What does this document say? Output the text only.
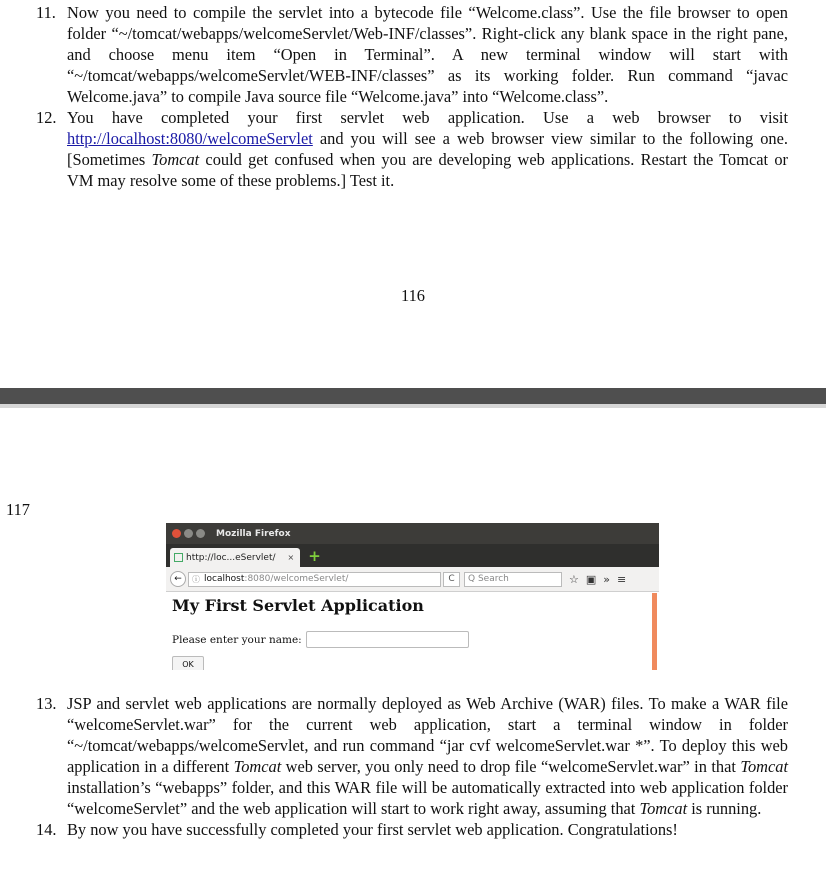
11. Now you need to compile the servlet into a bytecode file “Welcome.class”. Use the file browser to open folder “~/tomcat/webapps/welcomeServlet/Web-INF/classes”. Right-click any blank space in the right pane, and choose menu item “Open in Terminal”. A new terminal window will start with “~/tomcat/webapps/welcomeServlet/WEB-INF/classes” as its working folder. Run command “javac Welcome.java” to compile Java source file “Welcome.java” into “Welcome.class”.
12. You have completed your first servlet web application. Use a web browser to visit http://localhost:8080/welcomeServlet and you will see a web browser view similar to the following one. [Sometimes Tomcat could get confused when you are developing web applications. Restart the Tomcat or VM may resolve some of these problems.] Test it.
116
117
Mozilla Firefox
http://loc...eServlet/ × +
←	ⓘ localhost :8080/welcomeServlet/	C	Q Search	☆ ▣ » ≡
My First Servlet Application
Please enter your name:
OK
13. JSP and servlet web applications are normally deployed as Web Archive (WAR) files. To make a WAR file “welcomeServlet.war” for the current web application, start a terminal window in folder “~/tomcat/webapps/welcomeServlet, and run command “jar cvf welcomeServlet.war *”. To deploy this web application in a different Tomcat web server, you only need to drop file “welcomeServlet.war” in that Tomcat installation’s “webapps” folder, and this WAR file will be automatically extracted into web application folder “welcomeServlet” and the web application will start to work right away, assuming that Tomcat is running.
14. By now you have successfully completed your first servlet web application. Congratulations!
